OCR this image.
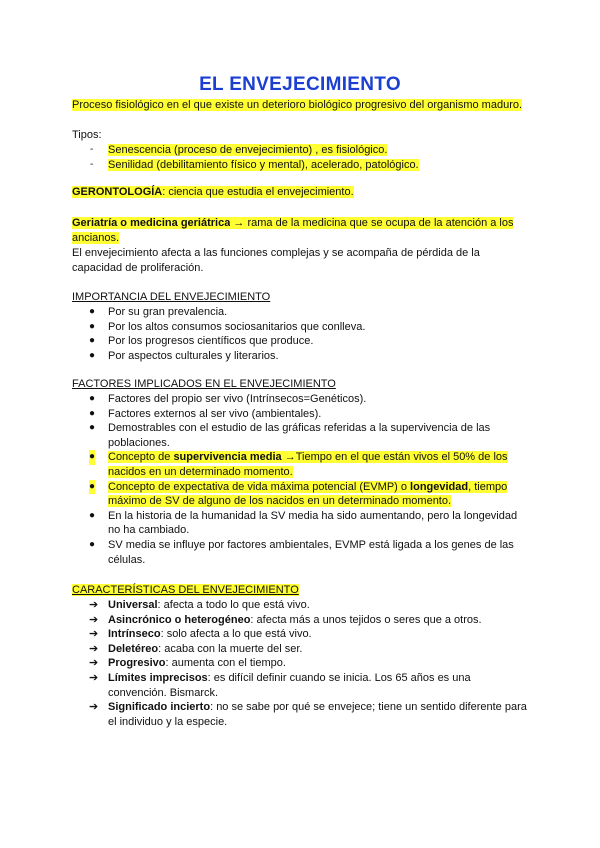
EL ENVEJECIMIENTO
Proceso fisiológico en el que existe un deterioro biológico progresivo del organismo maduro.
Tipos:
- Senescencia (proceso de envejecimiento) , es fisiológico.
- Senilidad (debilitamiento físico y mental), acelerado, patológico.
GERONTOLOGÍA: ciencia que estudia el envejecimiento.
Geriatría o medicina geriátrica → rama de la medicina que se ocupa de la atención a los ancianos.
El envejecimiento afecta a las funciones complejas y se acompaña de pérdida de la capacidad de proliferación.
IMPORTANCIA DEL ENVEJECIMIENTO
● Por su gran prevalencia.
● Por los altos consumos sociosanitarios que conlleva.
● Por los progresos científicos que produce.
● Por aspectos culturales y literarios.
FACTORES IMPLICADOS EN EL ENVEJECIMIENTO
● Factores del propio ser vivo (Intrínsecos=Genéticos).
● Factores externos al ser vivo (ambientales).
● Demostrables con el estudio de las gráficas referidas a la supervivencia de las poblaciones.
● Concepto de supervivencia media →Tiempo en el que están vivos el 50% de los nacidos en un determinado momento.
● Concepto de expectativa de vida máxima potencial (EVMP) o longevidad, tiempo máximo de SV de alguno de los nacidos en un determinado momento.
● En la historia de la humanidad la SV media ha sido aumentando, pero la longevidad no ha cambiado.
● SV media se influye por factores ambientales, EVMP está ligada a los genes de las células.
CARACTERÍSTICAS DEL ENVEJECIMIENTO
➔ Universal: afecta a todo lo que está vivo.
➔ Asincrónico o heterogéneo: afecta más a unos tejidos o seres que a otros.
➔ Intrínseco: solo afecta a lo que está vivo.
➔ Deletéreo: acaba con la muerte del ser.
➔ Progresivo: aumenta con el tiempo.
➔ Límites imprecisos: es difícil definir cuando se inicia. Los 65 años es una convención. Bismarck.
➔ Significado incierto: no se sabe por qué se envejece; tiene un sentido diferente para el individuo y la especie.
